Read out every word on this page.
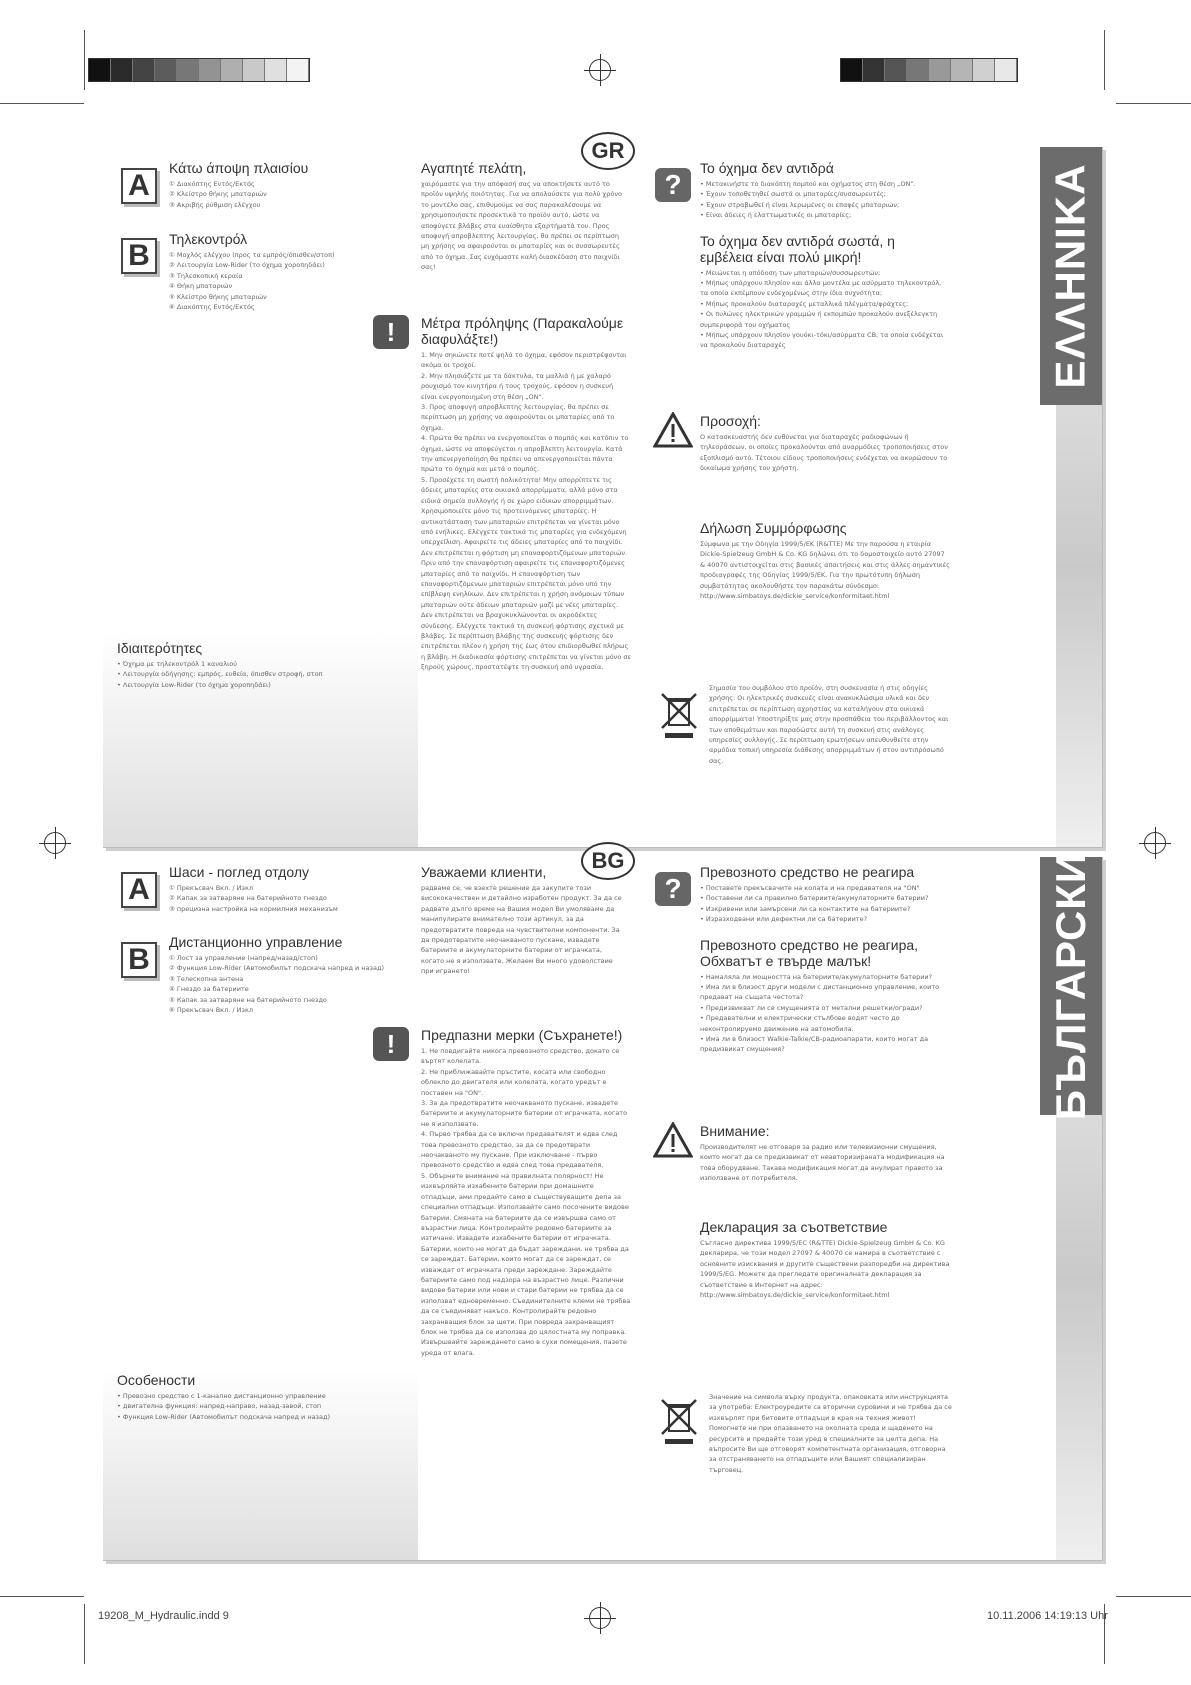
ΕΛΛΗΝΙΚΑ
GR
A
Κάτω άποψη πλαισίου
① Διακόπτης Εντός/Εκτός
② Κλείστρο θήκης μπαταριών
③ Ακριβής ρύθμιση ελέγχου
B	Τηλεκοντρόλ
① Μοχλός ελέγχου (προς τα εμπρός/όπισθεν/στοπ)
② Λειτουργία Low-Rider (το όχημα χοροπηδάει)
③ Τηλεσκοπική κεραία
④ Θήκη μπαταριών
⑤ Κλείστρο θήκης μπαταριών
⑥ Διακόπτης Εντός/Εκτός
Ιδιαιτερότητες
• Όχημα με τηλεκοντρόλ 1 καναλιού
• Λειτουργία οδήγησης: εμπρός, ευθεία, όπισθεν στροφή, στοπ
• Λειτουργία Low-Rider (το όχημα χοροπηδάει)
Αγαπητέ πελάτη,
χαιρόμαστε για την απόφασή σας να αποκτήσετε αυτό το προϊόν υψηλής ποιότητας. Για να απολαύσετε για πολύ χρόνο το μοντέλο σας, επιθυμούμε να σας παρακαλέσουμε να χρησιμοποιήσετε προσεκτικά το προϊόν αυτό, ώστε να αποφύγετε βλάβες στα ευαίσθητα εξαρτήματά του. Προς αποφυγή απροβλεπτης λειτουργίας, θα πρέπει σε περίπτωση μη χρήσης να αφαιρούνται οι μπαταρίες και οι συσσωρευτές από το όχημα. Σας ευχόμαστε καλή διασκέδαση στο παιχνίδι σας!
!	Μέτρα πρόληψης (Παρακαλούμε διαφυλάξτε!)
1. Μην σηκώνετε ποτέ ψηλά το όχημα, εφόσον περιστρέφονται ακόμα οι τροχοί.
2. Μην πλησιάζετε με τα δάκτυλα, τα μαλλιά ή με χαλαρό ρουχισμό τον κινητήρα ή τους τροχούς, εφόσον η συσκευή είναι ενεργοποιημένη στη θέση „ON“.
3. Προς αποφυγή απροβλεπτης λειτουργίας, θα πρέπει σε περίπτωση μη χρήσης να αφαιρούνται οι μπαταρίες από το όχημα.
4. Πρώτα θα πρέπει να ενεργοποιείται ο πομπός και κατόπιν το όχημα, ώστε να αποφεύγεται η απροβλεπτη λειτουργία. Κατά την απενεργοποίηση θα πρέπει να απενεργοποιείται πάντα πρώτα το όχημα και μετά ο πομπός.
5. Προσέχετε τη σωστή πολικότητα! Μην απορρίπτετε τις άδειες μπαταρίες στα οικιακά απορρίμματα, αλλά μόνο στα ειδικά σημεία συλλογής ή σε χώρο ειδικών απορριμμάτων. Χρησιμοποιείτε μόνο τις προτεινόμενες μπαταρίες. Η αντικατάσταση των μπαταριών επιτρέπεται να γίνεται μόνο από ενήλικες. Ελέγχετε τακτικά τις μπαταρίες για ενδεχόμενη υπερχείλιση. Αφαιρείτε τις άδειες μπαταρίες από το παιχνίδι. Δεν επιτρέπεται η φόρτιση μη επαναφορτιζόμενων μπαταριών. Πριν από την επαναφόρτιση αφαιρείτε τις επαναφορτιζόμενες μπαταρίες από το παιχνίδι. Η επαναφόρτιση των επαναφορτιζόμενων μπαταριών επιτρέπεται μόνο υπό την επίβλεψη ενηλίκων. Δεν επιτρέπεται η χρήση ανόμοιων τύπων μπαταριών ούτε άδειων μπαταριών μαζί με νέες μπαταρίες. Δεν επιτρέπεται να βραχυκυκλώνονται οι ακροδέκτες σύνδεσης. Ελέγχετε τακτικά τη συσκευή φόρτισης σχετικά με βλάβες. Σε περίπτωση βλάβης της συσκευής φόρτισης δεν επιτρέπεται πλέον η χρήση της έως ότου επιδιορθωθεί πλήρως η βλάβη. Η διαδικασία φόρτισης επιτρέπεται να γίνεται μόνο σε ξηρούς χώρους, προστατέψτε τη συσκευή από υγρασία.
?
Το όχημα δεν αντιδρά
• Μετακινήστε το διακόπτη πομπού και οχήματος στη θέση „ON“.
• Έχουν τοποθετηθεί σωστά οι μπαταρίες/συσσωρευτές;
• Έχουν στραβωθεί ή είναι λερωμένες οι επαφές μπαταριών;
• Είναι άδειες ή ελαττωματικές οι μπαταρίες;
Το όχημα δεν αντιδρά σωστά, η εμβέλεια είναι πολύ μικρή!
• Μειώνεται η απόδοση των μπαταριών/συσσωρευτών;
• Μήπως υπάρχουν πλησίον και άλλα μοντέλα με ασύρματο τηλεκοντρόλ, τα οποία εκπέμπουν ενδεχομένως στην ίδια συχνότητα;
• Μήπως προκαλούν διαταραχές μεταλλικά πλέγματα/φράχτες;
• Οι πυλώνες ηλεκτρικών γραμμών ή εκπομπών προκαλούν ανεξέλεγκτη συμπεριφορά του οχήματος
• Μήπως υπάρχουν πλησίον γουόκι-τόκι/ασύρματα CB, τα οποία ενδέχεται να προκαλούν διαταραχές
Προσοχή:
Ο κατασκευαστής δεν ευθύνεται για διαταραχές ραδιοφώνων ή τηλεοράσεων, οι οποίες προκαλούνται από αναρμόδιες τροποποιήσεις στον εξοπλισμό αυτό. Τέτοιου είδους τροποποιήσεις ενδέχεται να ακυρώσουν το δικαίωμα χρήσης του χρήστη.
Δήλωση Συμμόρφωσης
Σύμφωνα με την Οδηγία 1999/5/ΕΚ (R&TTE) Με την παρούσα η εταιρία Dickie-Spielzeug GmbH & Co. KG δηλώνει ότι το δομοστοιχείο αυτό 27097 & 40070 αντιστοιχείται στις βασικές απαιτήσεις και στις άλλες σημαντικές προδιαγραφές της Οδηγίας 1999/5/ΕΚ. Για την πρωτότυπη δήλωση συμβατότητας ακολουθήστε τον παρακάτω σύνδεσμο:
http://www.simbatoys.de/dickie_service/konformitaet.html
Σημασία του συμβόλου στο προϊόν, στη συσκευασία ή στις οδηγίες χρήσης: Οι ηλεκτρικές συσκευές είναι ανακυκλώσιμα υλικά και δεν επιτρέπεται σε περίπτωση αχρηστίας να καταλήγουν στα οικιακά απορρίμματα! Υποστηρίξτε μας στην προσπάθεια του περιβάλλοντος και των αποθεμάτων και παραδώστε αυτή τη συσκευή στις ανάλογες υπηρεσίες συλλογής. Σε περίπτωση ερωτήσεων απευθυνθείτε στην αρμόδια τοπική υπηρεσία διάθεσης απορριμμάτων ή στον αντιπρόσωπό σας.
БЪЛГАРСКИ
BG
A
Шаси - поглед отдолу
① Прекъсвач Вкл. / Изкл
② Капак за затваряне на батерийното гнездо
③ прецизна настройка на кормилния механизъм
B
Дистанционно управление
① Лост за управление (напред/назад/стоп)
② Функция Low-Rider (Автомобилът подскача напред и назад)
③ Телескопна антена
④ Гнездо за батериите
⑤ Капак за затваряне на батерийното гнездо
⑥ Прекъсвач Вкл. / Изкл
Особености
• Превозно средство с 1-канално дистанционно управление
• двигателна функция: напред-направо, назад-завой, стоп
• Функция Low-Rider (Автомобилът подскача напред и назад)
Уважаеми клиенти,
радваме се, че взехте решение да закупите този висококачествен и детайлно изработен продукт. За да се радвате дълго време на Вашия модел Ви умоляваме да манипулирате внимателно този артикул, за да предотвратите повреда на чувствителни компоненти. За да предотвратите неочакваното пускане, извадете батериите и акумулаторните батерии от играчката, когато не я използвате. Желаем Ви много удоволствие при игрането!
!	Предпазни мерки (Съхранете!)
1. Не повдигайте никога превозното средство, докато се въртят колелата.
2. Не приближавайте пръстите, косата или свободно облекло до двигателя или колелата, когато уредът е поставен на "ON".
3. За да предотвратите неочакваното пускане, извадете батериите и акумулаторните батерии от играчката, когато не я използвате.
4. Първо трябва да се включи предавателят и едва след това превозното средство, за да се предотврати неочакваното му пускане. При изключване - първо превозното средство и едва след това предавателя.
5. Обърнете внимание на правилната полярност! Не изхвърляйте изхабените батерии при домашните отпадъци, ами предайте само в съществуващите депа за специални отпадъци. Използвайте само посочените видове батерии. Смяната на батериите да се извършва само от възрастни лица. Контролирайте редовно батериите за изтичане. Извадете изхабените батерии от играчката. Батерии, които не могат да бъдат зареждани, не трябва да се зареждат. Батерии, които могат да се зареждат, се изваждат от играчката преди зареждане. Зареждайте батериите само под надзора на възрастно лице. Различни видове батерии или нови и стари батерии не трябва да се използват едновременно. Съединителните клеми не трябва да се съединяват накъсо. Контролирайте редовно захранващия блок за щети. При повреда захранващият блок не трябва да се използва до цялостната му поправка. Извършвайте зареждането само в сухи помещения, пазете уреда от влага.
?
Превозното средство не реагира
• Поставете прекъсвачите на колата и на предавателя на "ON"
• Поставени ли са правилно батериите/акумулаторните батерии?
• Изкривени или замърсени ли са контактите на батериите?
• Изразходвани или дефектни ли са батериите?
Превозното средство не реагира, Обхватът е твърде малък!
• Намаляла ли мощността на батериите/акумулаторните батерии?
• Има ли в близост други модели с дистанционно управление, които предават на същата честота?
• Предизвикват ли се смущенията от метални решетки/огради?
• Предавателни и електрически стълбове водят често до неконтролируемо движение на автомобила.
• Има ли в близост Walkie-Talkie/CB-радиоапарати, които могат да предизвикат смущения?
Внимание:
Производителят не отговаря за радио или телевизионни смущения, които могат да се предизвикат от неавторизираната модификация на това оборудване. Такава модификация могат да анулират правото за използване от потребителя.
Декларация за съответствие
Съгласно директива 1999/5/EC (R&TTE) Dickie-Spielzeug GmbH & Co. KG декларира, че този модел 27097 & 40070 се намира в съответствие с основните изисквания и другите съществени разпоредби на директива 1999/5/EG. Можете да прегледате оригиналната декларация за съответствие в Интернет на адрес:
http://www.simbatoys.de/dickie_service/konformitaet.html
Значение на символа върху продукта, опаковката или инструкцията за употреба: Електроуредите са вторични суровини и не трябва да се изхвърлят при битовите отпадъци в края на техния живот! Помогнете ни при опазването на околната среда и щаденето на ресурсите и предайте този уред в специалните за целта депа. На въпросите Ви ще отговорят компетентната организация, отговорна за отстраняването на отпадъците или Вашият специализиран търговец.
19208_M_Hydraulic.indd 9	10.11.2006 14:19:13 Uhr
